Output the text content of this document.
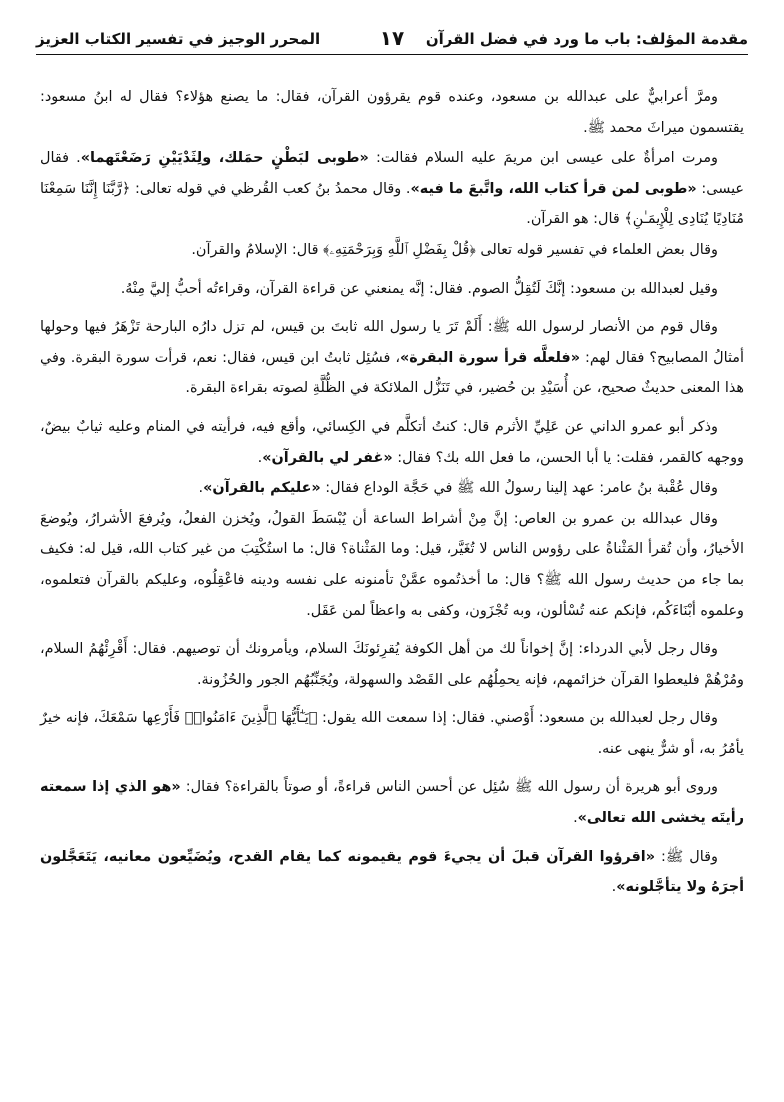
مقدمة المؤلف: باب ما ورد في فضل القرآن
١٧
المحرر الوجيز في تفسير الكتاب العزيز

ومرَّ أعرابيٌّ على عبدالله بن مسعود، وعنده قوم يقرؤون القرآن، فقال: ما يصنع هؤلاء؟ فقال له ابنُ مسعود: يقتسمون ميراثَ محمد ﷺ.

ومرت امرأةٌ على عيسى ابن مريمَ عليه السلام فقالت: «طوبى لبَطْنٍ حمَلك، ولِثَدْيَيْنِ رَضَعْتَهما». فقال عيسى: «طوبى لمن قرأ كتاب الله، واتَّبعَ ما فيه». وقال محمدُ بنُ كعب القُرظي في قوله تعالى: ﴿رَّبَّنَا إِنَّنَا سَمِعْنَا مُنَادِيًا يُنَادِى لِلْإِيمَـٰنِ﴾ قال: هو القرآن.

وقال بعض العلماء في تفسير قوله تعالى ﴿قُلْ بِفَضْلِ ٱللَّهِ وَبِرَحْمَتِهِۦ﴾ قال: الإسلامُ والقرآن.

وقيل لعبدالله بن مسعود: إنَّكَ لَتُقِلُّ الصوم. فقال: إنَّه يمنعني عن قراءة القرآن، وقراءتُه أحبُّ إليَّ مِنْهُ.

وقال قوم من الأنصار لرسول الله ﷺ: أَلَمْ تَرَ يا رسول الله ثابتَ بن قيس، لم تزل دارُه البارحة تَزْهَرُ فيها وحولها أمثالُ المصابيح؟ فقال لهم: «فلعلَّه قرأ سورة البقرة»، فسُئِل ثابتُ ابن قيس، فقال: نعم، قرأت سورة البقرة. وفي هذا المعنى حديثٌ صحيح، عن أُسَيْدِ بن حُضير، في تَنَزُّل الملائكة في الظُّلَّةِ لصوته بقراءة البقرة.

وذكر أبو عمرو الداني عن عَلِيِّ الأثرم قال: كنتُ أتكلَّم في الكِسائي، وأقع فيه، فرأيته في المنام وعليه ثيابٌ بيضٌ، ووجهه كالقمر، فقلت: يا أبا الحسن، ما فعل الله بك؟ فقال: «غفر لي بالقرآن».

وقال عُقْبة بنُ عامر: عهد إلينا رسولُ الله ﷺ في حَجَّة الوداع فقال: «عليكم بالقرآن».

وقال عبدالله بن عمرو بن العاص: إنَّ مِنْ أشراط الساعة أن يُبْسَطَ القولُ، ويُخزن الفعلُ، ويُرفعَ الأشرارُ، ويُوضعَ الأخيارُ، وأن تُقرأ المَثْناةُ على رؤوس الناس لا تُغَيَّر، قيل: وما المَثْناة؟ قال: ما استُكْتِبَ من غير كتاب الله، قيل له: فكيف بما جاء من حديث رسول الله ﷺ؟ قال: ما أخذتُموه عمَّنْ تأمنونه على نفسه ودينه فاعْقِلُوه، وعليكم بالقرآن فتعلموه، وعلموه أبْنَاءَكُم، فإنكم عنه تُسْألون، وبه تُجْزَون، وكفى به واعظاً لمن عَقَل.

وقال رجل لأبي الدرداء: إنَّ إخواناً لك من أهل الكوفة يُقرِئونَكَ السلام، ويأمرونك أن توصيهم. فقال: أَقْرِئْهُمُ السلام، ومُرْهُمْ فليعطوا القرآن خزائمهم، فإنه يحمِلُهُم على القَصْد والسهولة، ويُجَنِّبُهُم الجور والحُزُونة.

وقال رجل لعبدالله بن مسعود: أَوْصني. فقال: إذا سمعت الله يقول: ﴿يَـٰٓأَيُّهَا ٱلَّذِينَ ءَامَنُوا۟﴾ فَأَرْعِها سَمْعَكَ، فإنه خيرٌ يأمُرُ به، أو شرٌّ ينهى عنه.

وروى أبو هريرة أن رسول الله ﷺ سُئِل عن أحسن الناس قراءةً، أو صوتاً بالقراءة؟ فقال: «هو الذي إذا سمعته رأيتَه يخشى الله تعالى».

وقال ﷺ: «اقرؤوا القرآن قبلَ أن يجيءَ قوم يقيمونه كما يقام القدح، ويُضَيِّعون معانيه، يَتَعَجَّلون أجرَهُ ولا يتأجَّلونه».
